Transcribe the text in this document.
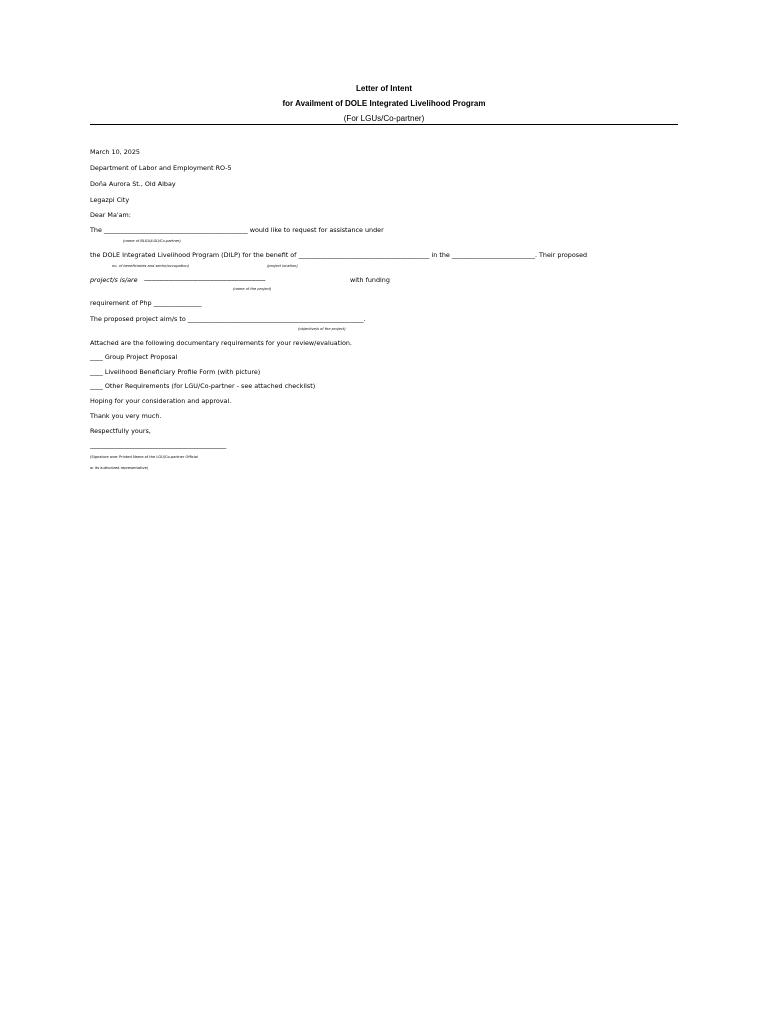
Letter of Intent
for Availment of DOLE Integrated Livelihood Program
(For LGUs/Co-partner)
March 10, 2025
Department of Labor and Employment RO-5
Doña Aurora St., Old Albay
Legazpi City
Dear Ma'am:
The _____________________________________________ would like to request for assistance under
(name of BLGU/LGU/Co-partner)
the DOLE Integrated Livelihood Program (DILP) for the benefit of _________________________________________ in the __________________________. Their proposed
no. of beneficiaries and sector/occupation)	(project location)
project/s is/are -----------------------------------------------------------------------	with funding
(name of the project)
requirement of Php _______________
The proposed project aim/s to _______________________________________________________.
(objective/s of the project)
Attached are the following documentary requirements for your review/evaluation.
____ Group Project Proposal
____ Livelihood Beneficiary Profile Form (with picture)
____ Other Requirements (for LGU/Co-partner - see attached checklist)
Hoping for your consideration and approval.
Thank you very much.
Respectfully yours,
_______________________________________________
(Signature over Printed Name of the LGU/Co-partner Official
or its authorized representative)
